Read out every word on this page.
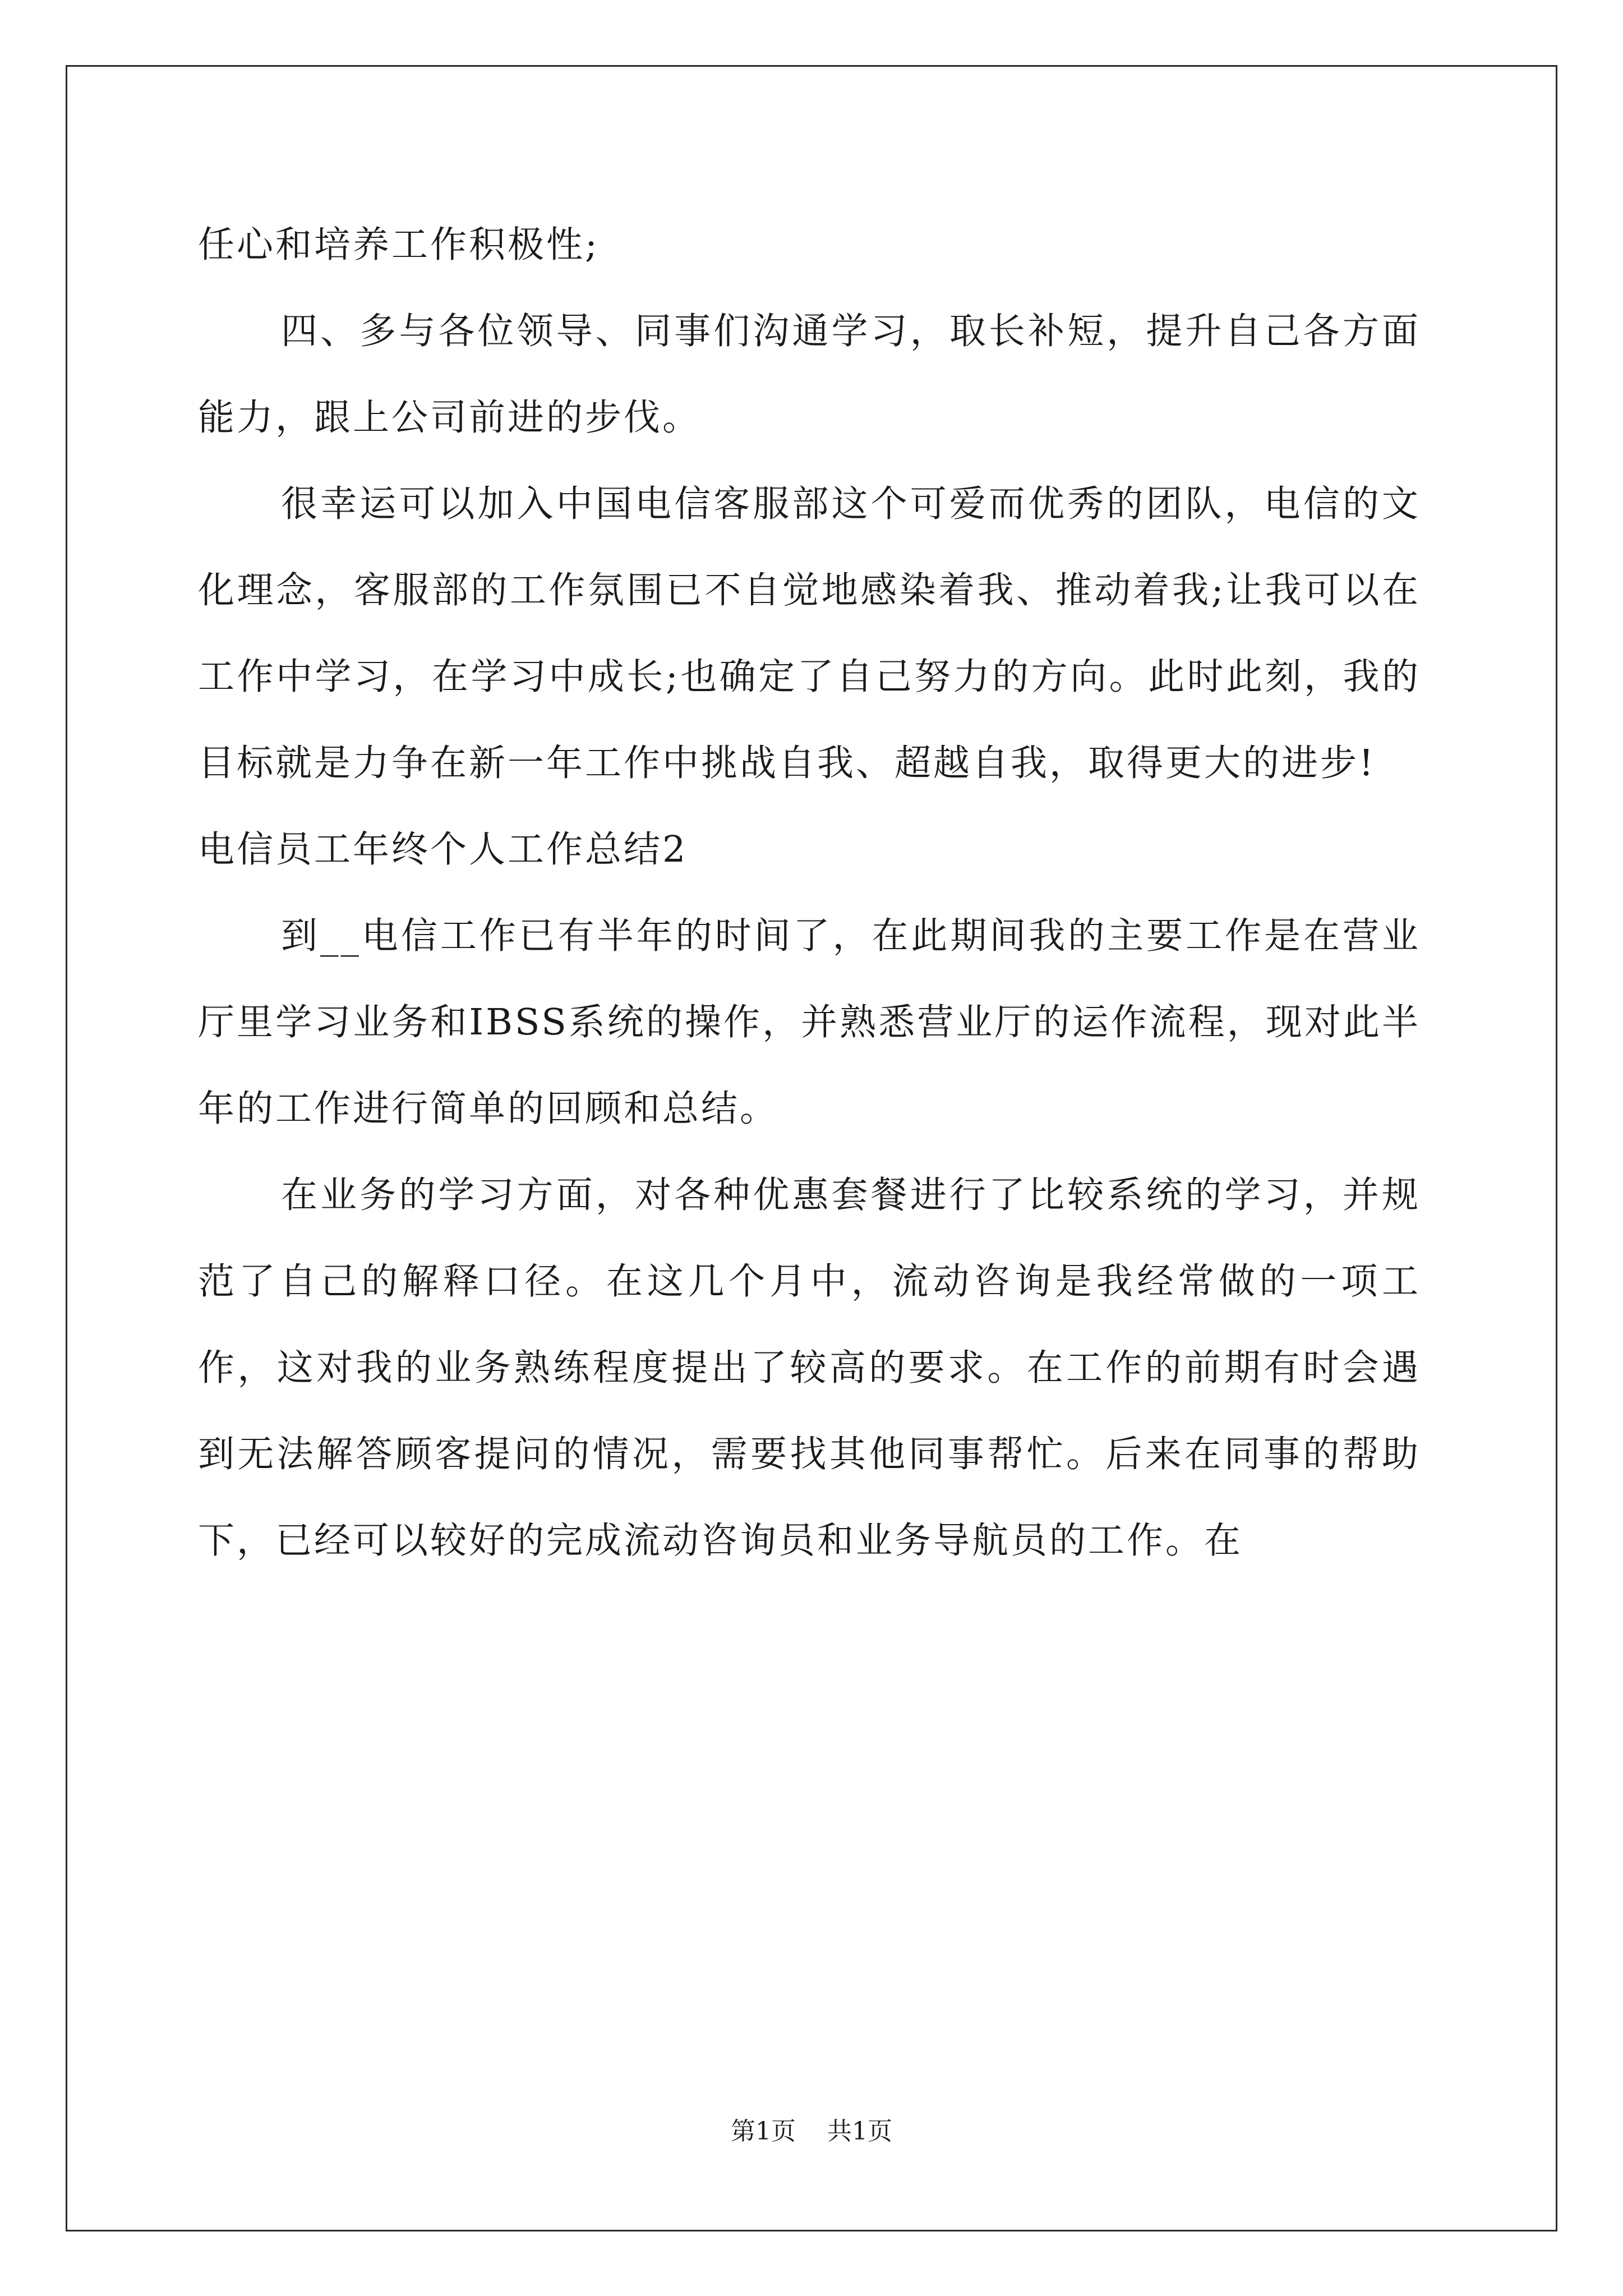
任心和培养工作积极性;

四、多与各位领导、同事们沟通学习，取长补短，提升自己各方面能力，跟上公司前进的步伐。

很幸运可以加入中国电信客服部这个可爱而优秀的团队，电信的文化理念，客服部的工作氛围已不自觉地感染着我、推动着我;让我可以在工作中学习，在学习中成长;也确定了自己努力的方向。此时此刻，我的目标就是力争在新一年工作中挑战自我、超越自我，取得更大的进步!

电信员工年终个人工作总结2

到__电信工作已有半年的时间了，在此期间我的主要工作是在营业厅里学习业务和IBSS系统的操作，并熟悉营业厅的运作流程，现对此半年的工作进行简单的回顾和总结。

在业务的学习方面，对各种优惠套餐进行了比较系统的学习，并规范了自己的解释口径。在这几个月中，流动咨询是我经常做的一项工作，这对我的业务熟练程度提出了较高的要求。在工作的前期有时会遇到无法解答顾客提问的情况，需要找其他同事帮忙。后来在同事的帮助下，已经可以较好的完成流动咨询员和业务导航员的工作。在

第1页 共1页
